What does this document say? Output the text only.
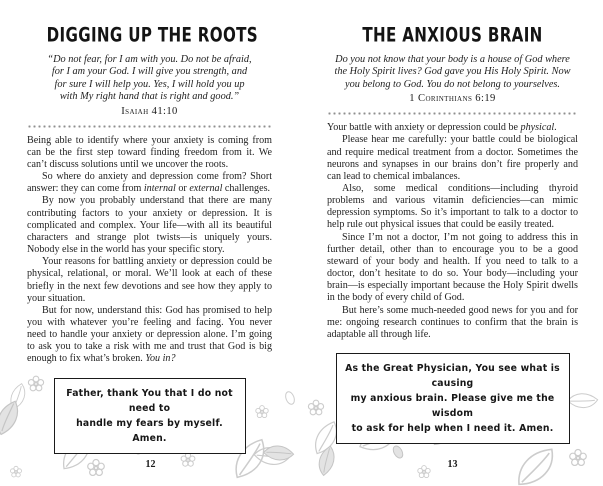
DIGGING UP THE ROOTS
“Do not fear, for I am with you. Do not be afraid,
for I am your God. I will give you strength, and
for sure I will help you. Yes, I will hold you up
with My right hand that is right and good.”
Isaiah 41:10

Being able to identify where your anxiety is coming from can be the first step toward finding freedom from it. We can’t discuss solutions until we uncover the roots.

So where do anxiety and depression come from? Short answer: they can come from internal or external challenges.

By now you probably understand that there are many contributing factors to your anxiety or depression. It is complicated and complex. Your life—with all its beautiful characters and strange plot twists—is uniquely yours. Nobody else in the world has your specific story.

Your reasons for battling anxiety or depression could be physical, relational, or moral. We’ll look at each of these briefly in the next few devotions and see how they apply to your situation.

But for now, understand this: God has promised to help you with whatever you’re feeling and facing. You never need to handle your anxiety or depression alone. I’m going to ask you to take a risk with me and trust that God is big enough to fix what’s broken. You in?

Father, thank You that I do not need to
handle my fears by myself. Amen.
12
THE ANXIOUS BRAIN
Do you not know that your body is a house of God where
the Holy Spirit lives? God gave you His Holy Spirit. Now
you belong to God. You do not belong to yourselves.
1 Corinthians 6:19

Your battle with anxiety or depression could be physical.

Please hear me carefully: your battle could be biological and require medical treatment from a doctor. Sometimes the neurons and synapses in our brains don’t fire properly and can lead to chemical imbalances.

Also, some medical conditions—including thyroid problems and various vitamin deficiencies—can mimic depression symptoms. So it’s important to talk to a doctor to help rule out physical issues that could be easily treated.

Since I’m not a doctor, I’m not going to address this in further detail, other than to encourage you to be a good steward of your body and health. If you need to talk to a doctor, don’t hesitate to do so. Your body—including your brain—is especially important because the Holy Spirit dwells in the body of every child of God.

But here’s some much-needed good news for you and for me: ongoing research continues to confirm that the brain is adaptable all through life.

As the Great Physician, You see what is causing
my anxious brain. Please give me the wisdom
to ask for help when I need it. Amen.
13
